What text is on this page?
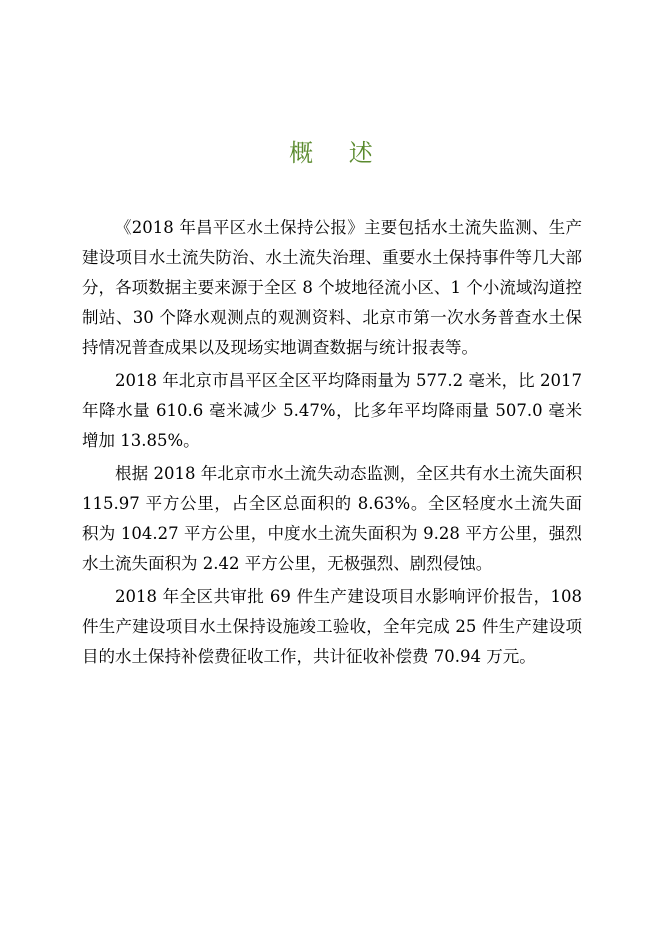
概 述

《2018 年昌平区水土保持公报》主要包括水土流失监测、生产建设项目水土流失防治、水土流失治理、重要水土保持事件等几大部分，各项数据主要来源于全区 8 个坡地径流小区、1 个小流域沟道控制站、30 个降水观测点的观测资料、北京市第一次水务普查水土保持情况普查成果以及现场实地调查数据与统计报表等。

2018 年北京市昌平区全区平均降雨量为 577.2 毫米，比 2017 年降水量 610.6 毫米减少 5.47%，比多年平均降雨量 507.0 毫米增加 13.85%。

根据 2018 年北京市水土流失动态监测，全区共有水土流失面积 115.97 平方公里，占全区总面积的 8.63%。全区轻度水土流失面积为 104.27 平方公里，中度水土流失面积为 9.28 平方公里，强烈水土流失面积为 2.42 平方公里，无极强烈、剧烈侵蚀。

2018 年全区共审批 69 件生产建设项目水影响评价报告，108 件生产建设项目水土保持设施竣工验收，全年完成 25 件生产建设项目的水土保持补偿费征收工作，共计征收补偿费 70.94 万元。
